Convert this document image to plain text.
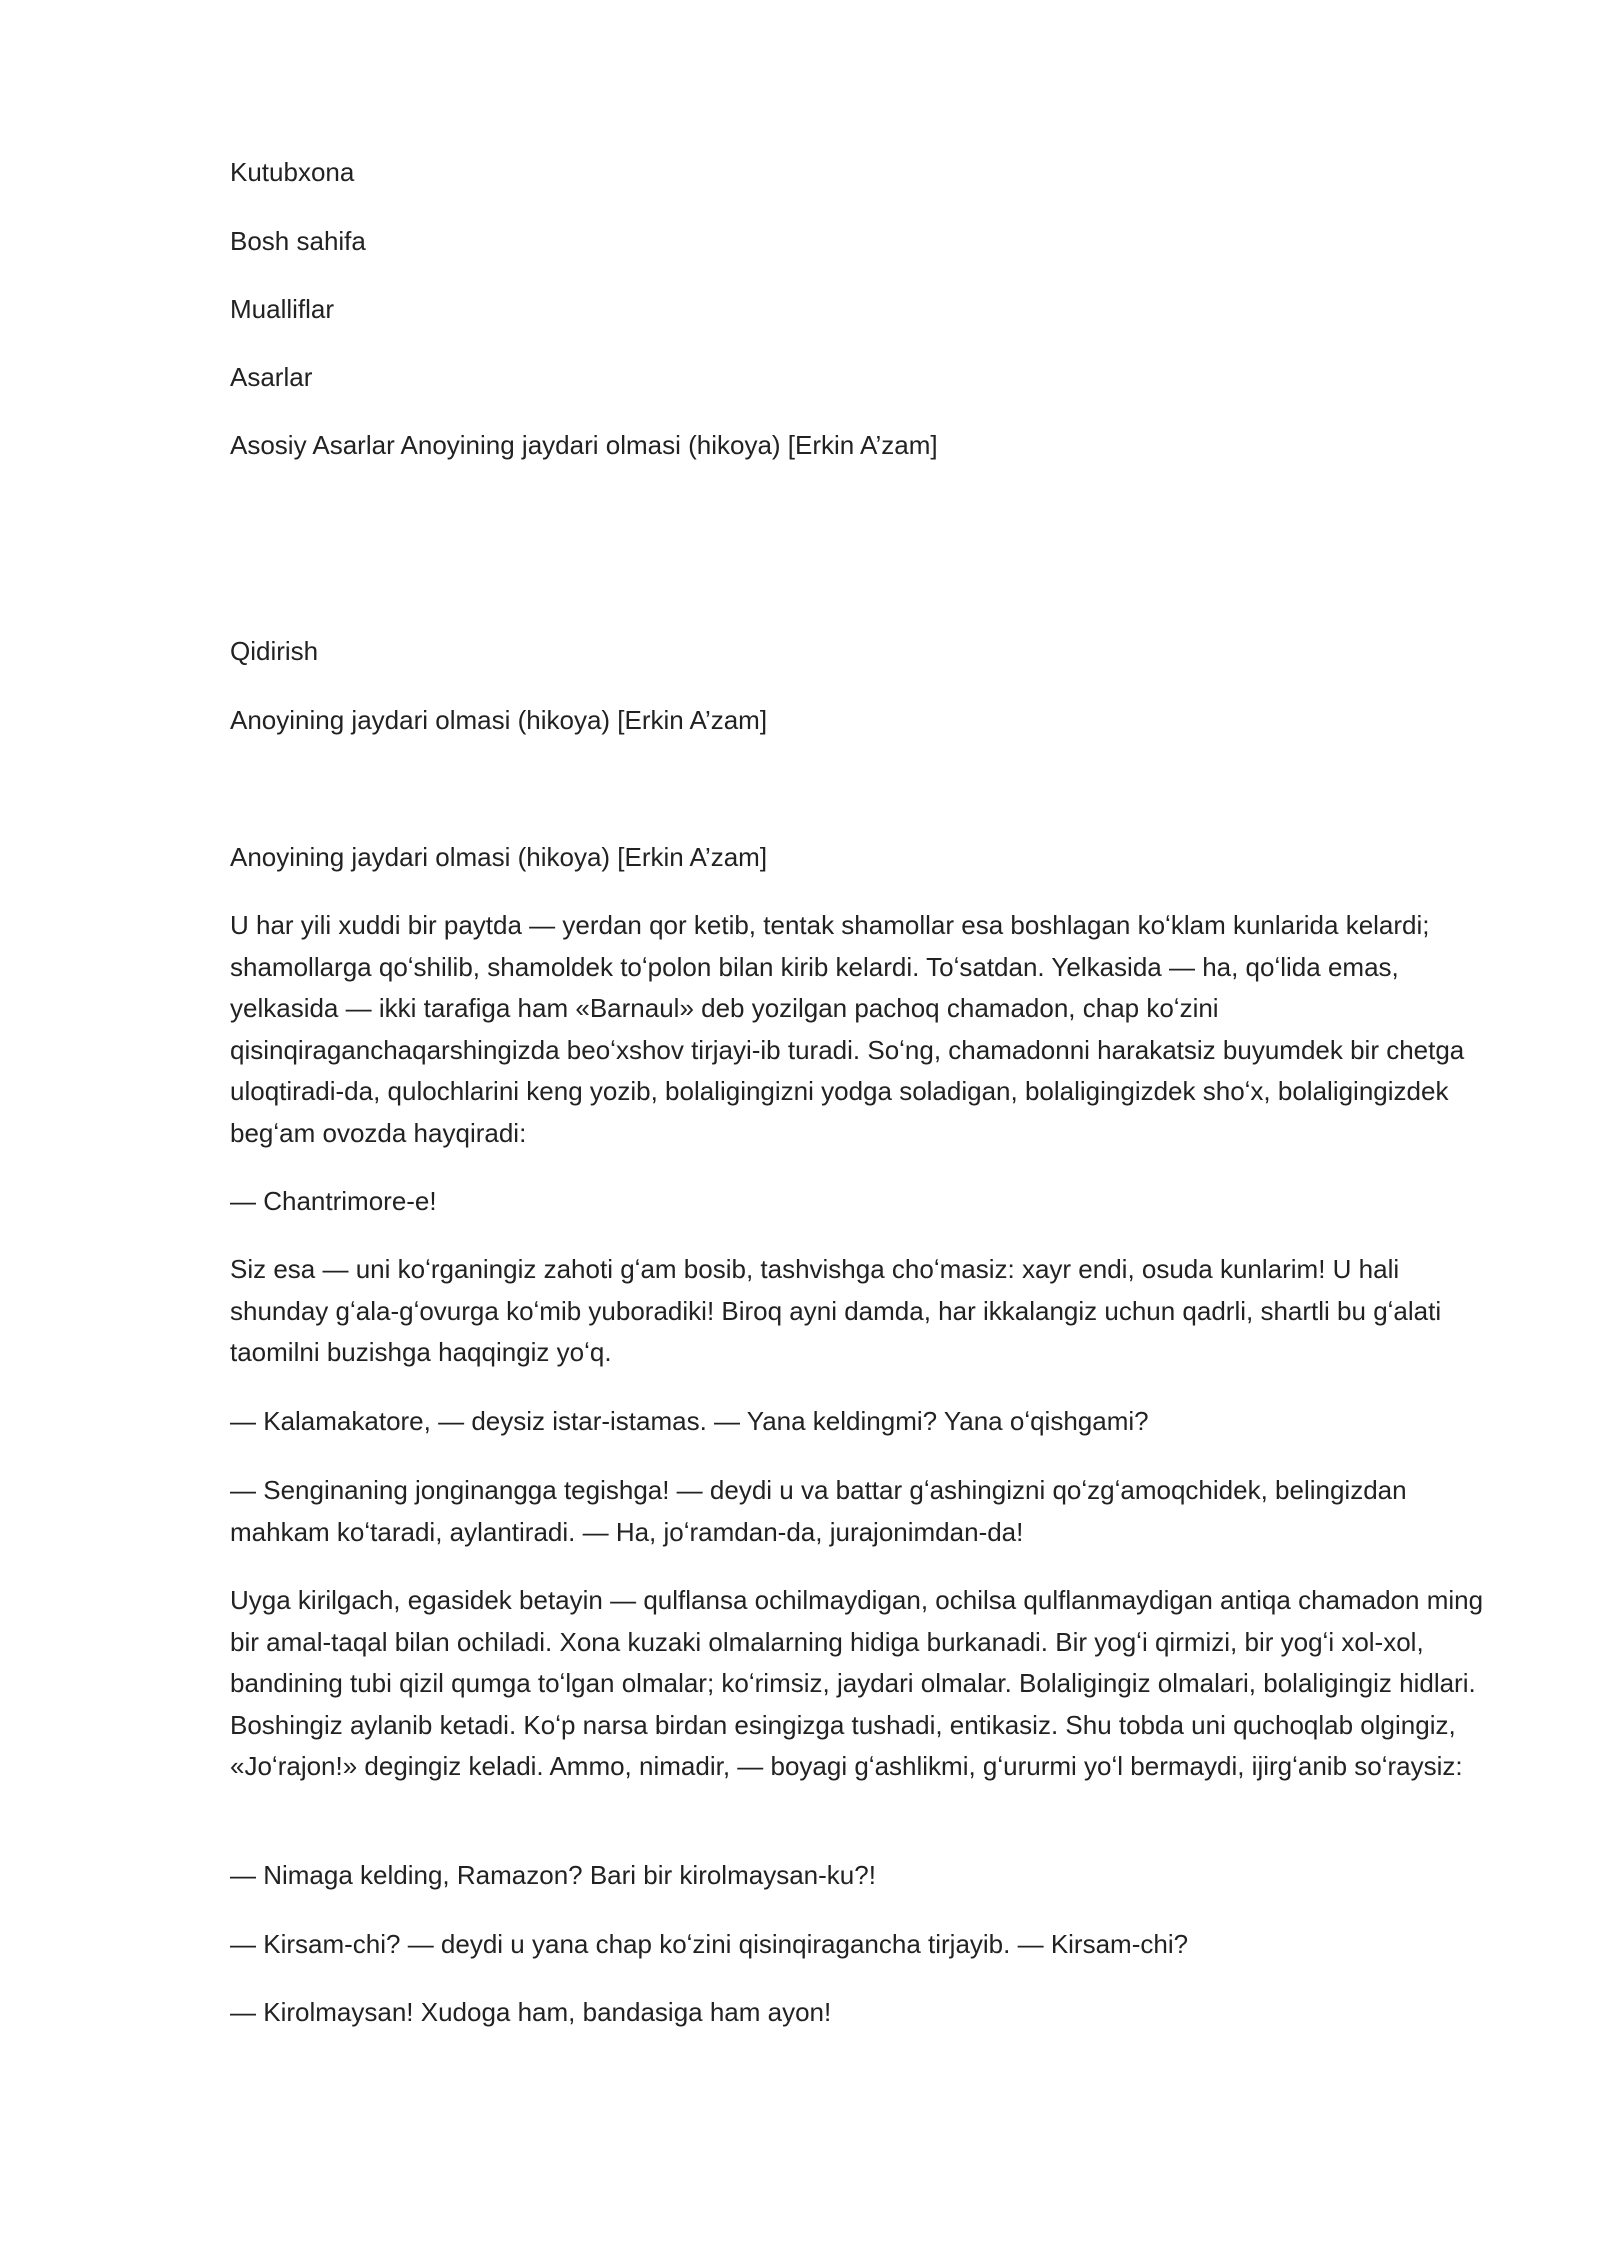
Kutubxona
Bosh sahifa
Mualliflar
Asarlar
Asosiy Asarlar Anoyining jaydari olmasi (hikoya) [Erkin A’zam]
Qidirish
Anoyining jaydari olmasi (hikoya) [Erkin A’zam]
Anoyining jaydari olmasi (hikoya) [Erkin A’zam]

U har yili xuddi bir paytda — yerdan qor ketib, tentak shamollar esa boshlagan koʻklam kunlarida kelardi; shamollarga qoʻshilib, shamoldek toʻpolon bilan kirib kelardi. Toʻsatdan. Yelkasida — ha, qoʻlida emas, yelkasida — ikki tarafiga ham «Barnaul» deb yozilgan pachoq chamadon, chap koʻzini qisinqiraganchaqarshingizda beoʻxshov tirjayi-ib turadi. Soʻng, chamadonni harakatsiz buyumdek bir chetga uloqtiradi-da, qulochlarini keng yozib, bolaligingizni yodga soladigan, bolaligingizdek shoʻx, bolaligingizdek begʻam ovozda hayqiradi:

— Chantrimore-e!

Siz esa — uni koʻrganingiz zahoti gʻam bosib, tashvishga choʻmasiz: xayr endi, osuda kunlarim! U hali shunday gʻala-gʻovurga koʻmib yuboradiki! Biroq ayni damda, har ikkalangiz uchun qadrli, shartli bu gʻalati taomilni buzishga haqqingiz yoʻq.

— Kalamakatore, — deysiz istar-istamas. — Yana keldingmi? Yana oʻqishgami?

— Senginaning jonginangga tegishga! — deydi u va battar gʻashingizni qoʻzgʻamoqchidek, belingizdan mahkam koʻtaradi, aylantiradi. — Ha, joʻramdan-da, jurajonimdan-da!

Uyga kirilgach, egasidek betayin — qulflansa ochilmaydigan, ochilsa qulflanmaydigan antiqa chamadon ming bir amal-taqal bilan ochiladi. Xona kuzaki olmalarning hidiga burkanadi. Bir yogʻi qirmizi, bir yogʻi xol-xol, bandining tubi qizil qumga toʻlgan olmalar; koʻrimsiz, jaydari olmalar. Bolaligingiz olmalari, bolaligingiz hidlari. Boshingiz aylanib ketadi. Koʻp narsa birdan esingizga tushadi, entikasiz. Shu tobda uni quchoqlab olgingiz, «Joʻrajon!» degingiz keladi. Ammo, nimadir, — boyagi gʻashlikmi, gʻururmi yoʻl bermaydi, ijirgʻanib soʻraysiz:

— Nimaga kelding, Ramazon? Bari bir kirolmaysan-ku?!

— Kirsam-chi? — deydi u yana chap koʻzini qisinqiraganchа tirjayib. — Kirsam-chi?

— Kirolmaysan! Xudoga ham, bandasiga ham ayon!
